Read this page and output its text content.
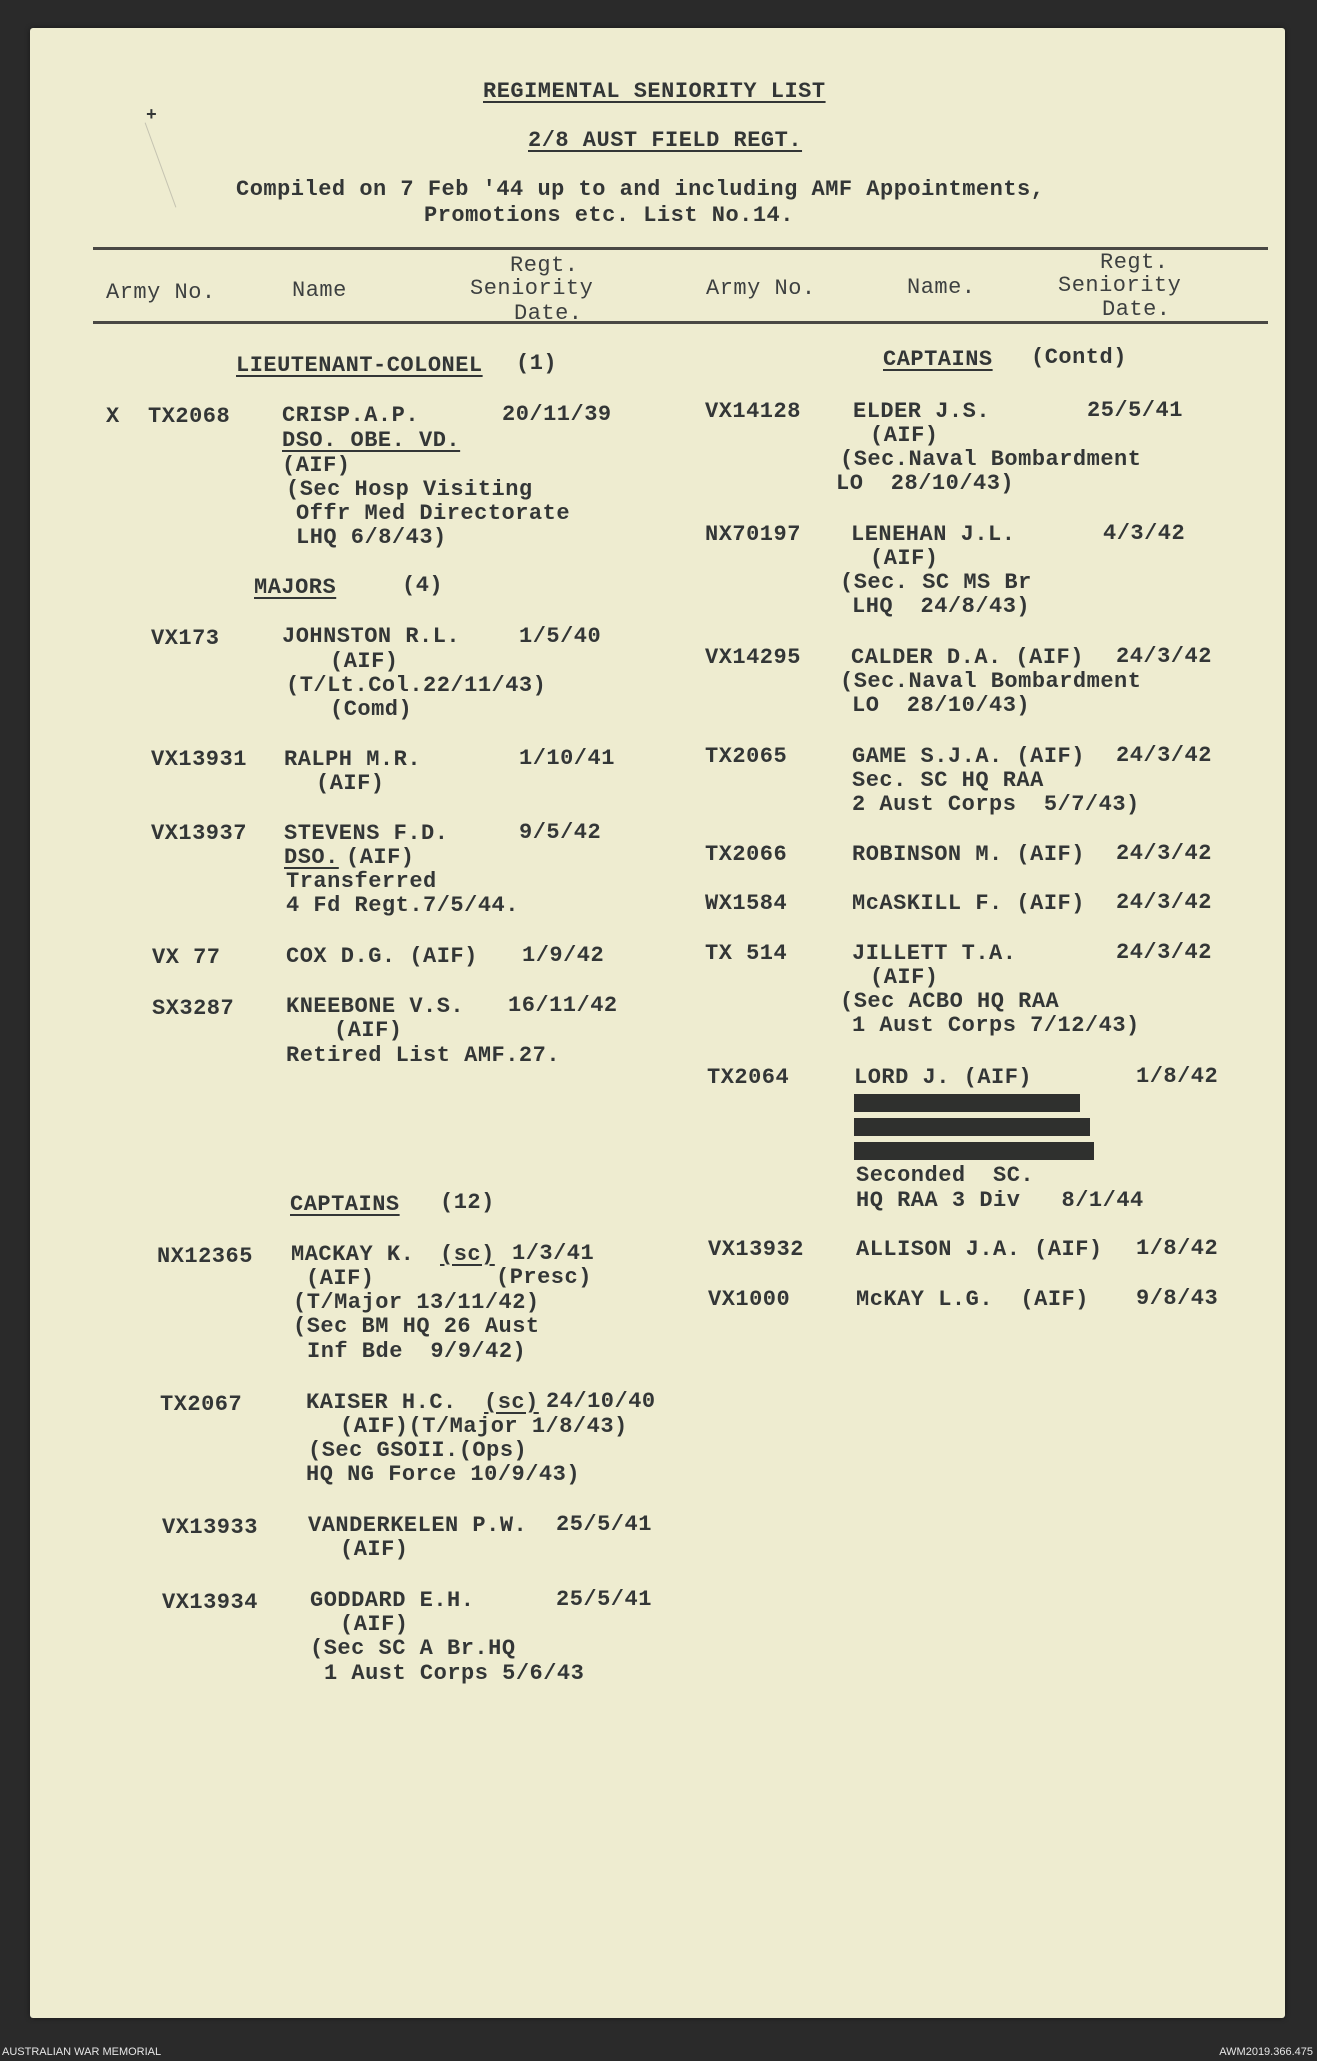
+
REGIMENTAL SENIORITY LIST
2/8 AUST FIELD REGT.
Compiled on 7 Feb '44 up to and including AMF Appointments,
Promotions etc. List No.14.
Army No.	Name
Regt.
Seniority
Date.
Army No.	Name.
Regt.
Seniority
Date.
LIEUTENANT-COLONEL (1)
X TX2068 CRISP.A.P.	20/11/39
DSO. OBE. VD.
(AIF)
(Sec Hosp Visiting
Offr Med Directorate
LHQ 6/8/43)
MAJORS	(4)
VX173	JOHNSTON R.L.	1/5/40
(AIF)
(T/Lt.Col.22/11/43)
(Comd)
VX13931 RALPH M.R.	1/10/41
(AIF)
VX13937 STEVENS F.D.	9/5/42
DSO. (AIF)
Transferred
4 Fd Regt.7/5/44.
VX 77	COX D.G. (AIF) 1/9/42
SX3287 KNEEBONE V.S. 16/11/42
(AIF)
Retired List AMF.27.
CAPTAINS (12)
NX12365 MACKAY K. (sc) 1/3/41
(AIF)	(Presc)
(T/Major 13/11/42)
(Sec BM HQ 26 Aust
Inf Bde  9/9/42)
TX2067	KAISER H.C. (sc) 24/10/40
(AIF)(T/Major 1/8/43)
(Sec GSOII.(Ops)
HQ NG Force 10/9/43)
VX13933 VANDERKELEN P.W. 25/5/41
(AIF)
VX13934 GODDARD E.H.	25/5/41
(AIF)
(Sec SC A Br.HQ
1 Aust Corps 5/6/43
CAPTAINS (Contd)
VX14128 ELDER J.S.	25/5/41
(AIF)
(Sec.Naval Bombardment
LO  28/10/43)
NX70197 LENEHAN J.L.	4/3/42
(AIF)
(Sec. SC MS Br
LHQ  24/8/43)
VX14295 CALDER D.A. (AIF) 24/3/42
(Sec.Naval Bombardment
LO  28/10/43)
TX2065	GAME S.J.A. (AIF) 24/3/42
Sec. SC HQ RAA
2 Aust Corps  5/7/43)
TX2066	ROBINSON M. (AIF) 24/3/42
WX1584	McASKILL F. (AIF) 24/3/42
TX 514	JILLETT T.A.	24/3/42
(AIF)
(Sec ACBO HQ RAA
1 Aust Corps 7/12/43)
TX2064	LORD J. (AIF)	1/8/42
Seconded  SC.
HQ RAA 3 Div   8/1/44
VX13932 ALLISON J.A. (AIF) 1/8/42
VX1000	McKAY L.G.  (AIF) 9/8/43
AUSTRALIAN WAR MEMORIAL	AWM2019.366.475
